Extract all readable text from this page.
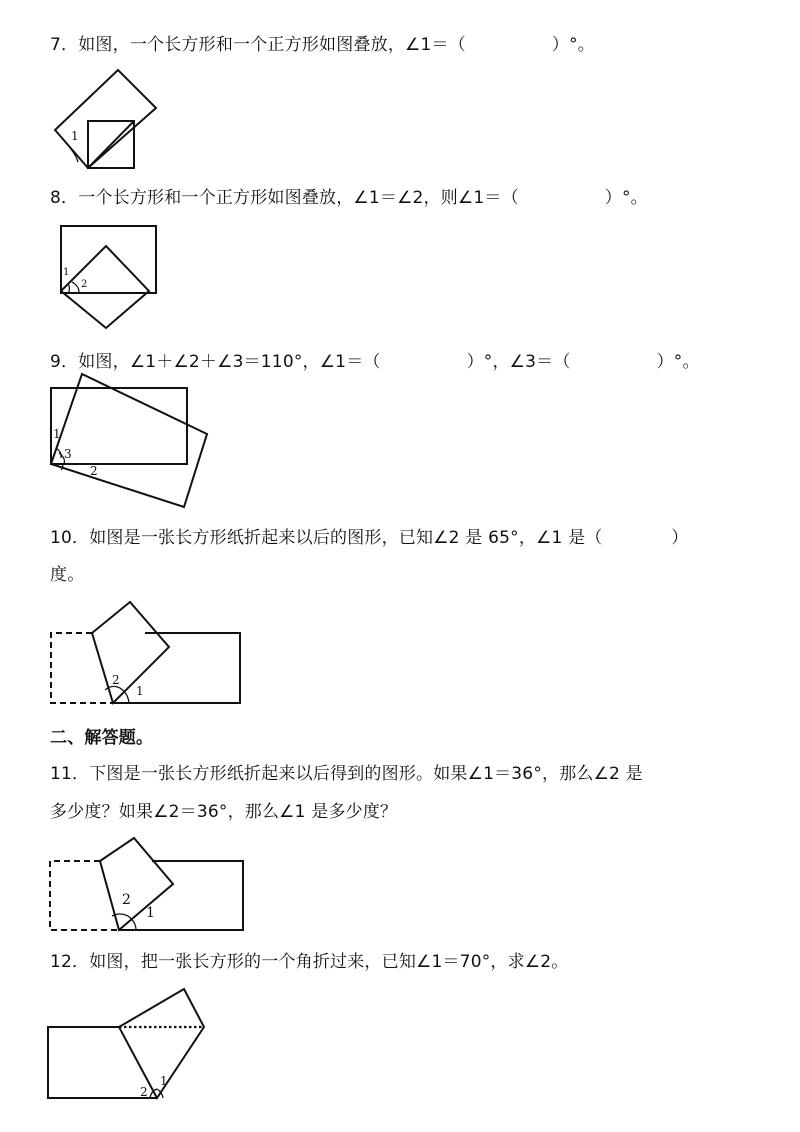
7．如图，一个长方形和一个正方形如图叠放，∠1＝（　　　　　）°。
1
8．一个长方形和一个正方形如图叠放，∠1＝∠2，则∠1＝（　　　　　）°。
1
2
9．如图，∠1＋∠2＋∠3＝110°，∠1＝（　　　　　）°，∠3＝（　　　　　）°。
1
3
2
10．如图是一张长方形纸折起来以后的图形，已知∠2 是 65°，∠1 是（　　　　）
度。
2
1
二、解答题。
11．下图是一张长方形纸折起来以后得到的图形。如果∠1＝36°，那么∠2 是
多少度？如果∠2＝36°，那么∠1 是多少度？
2
1
12．如图，把一张长方形的一个角折过来，已知∠1＝70°，求∠2。
2
1
